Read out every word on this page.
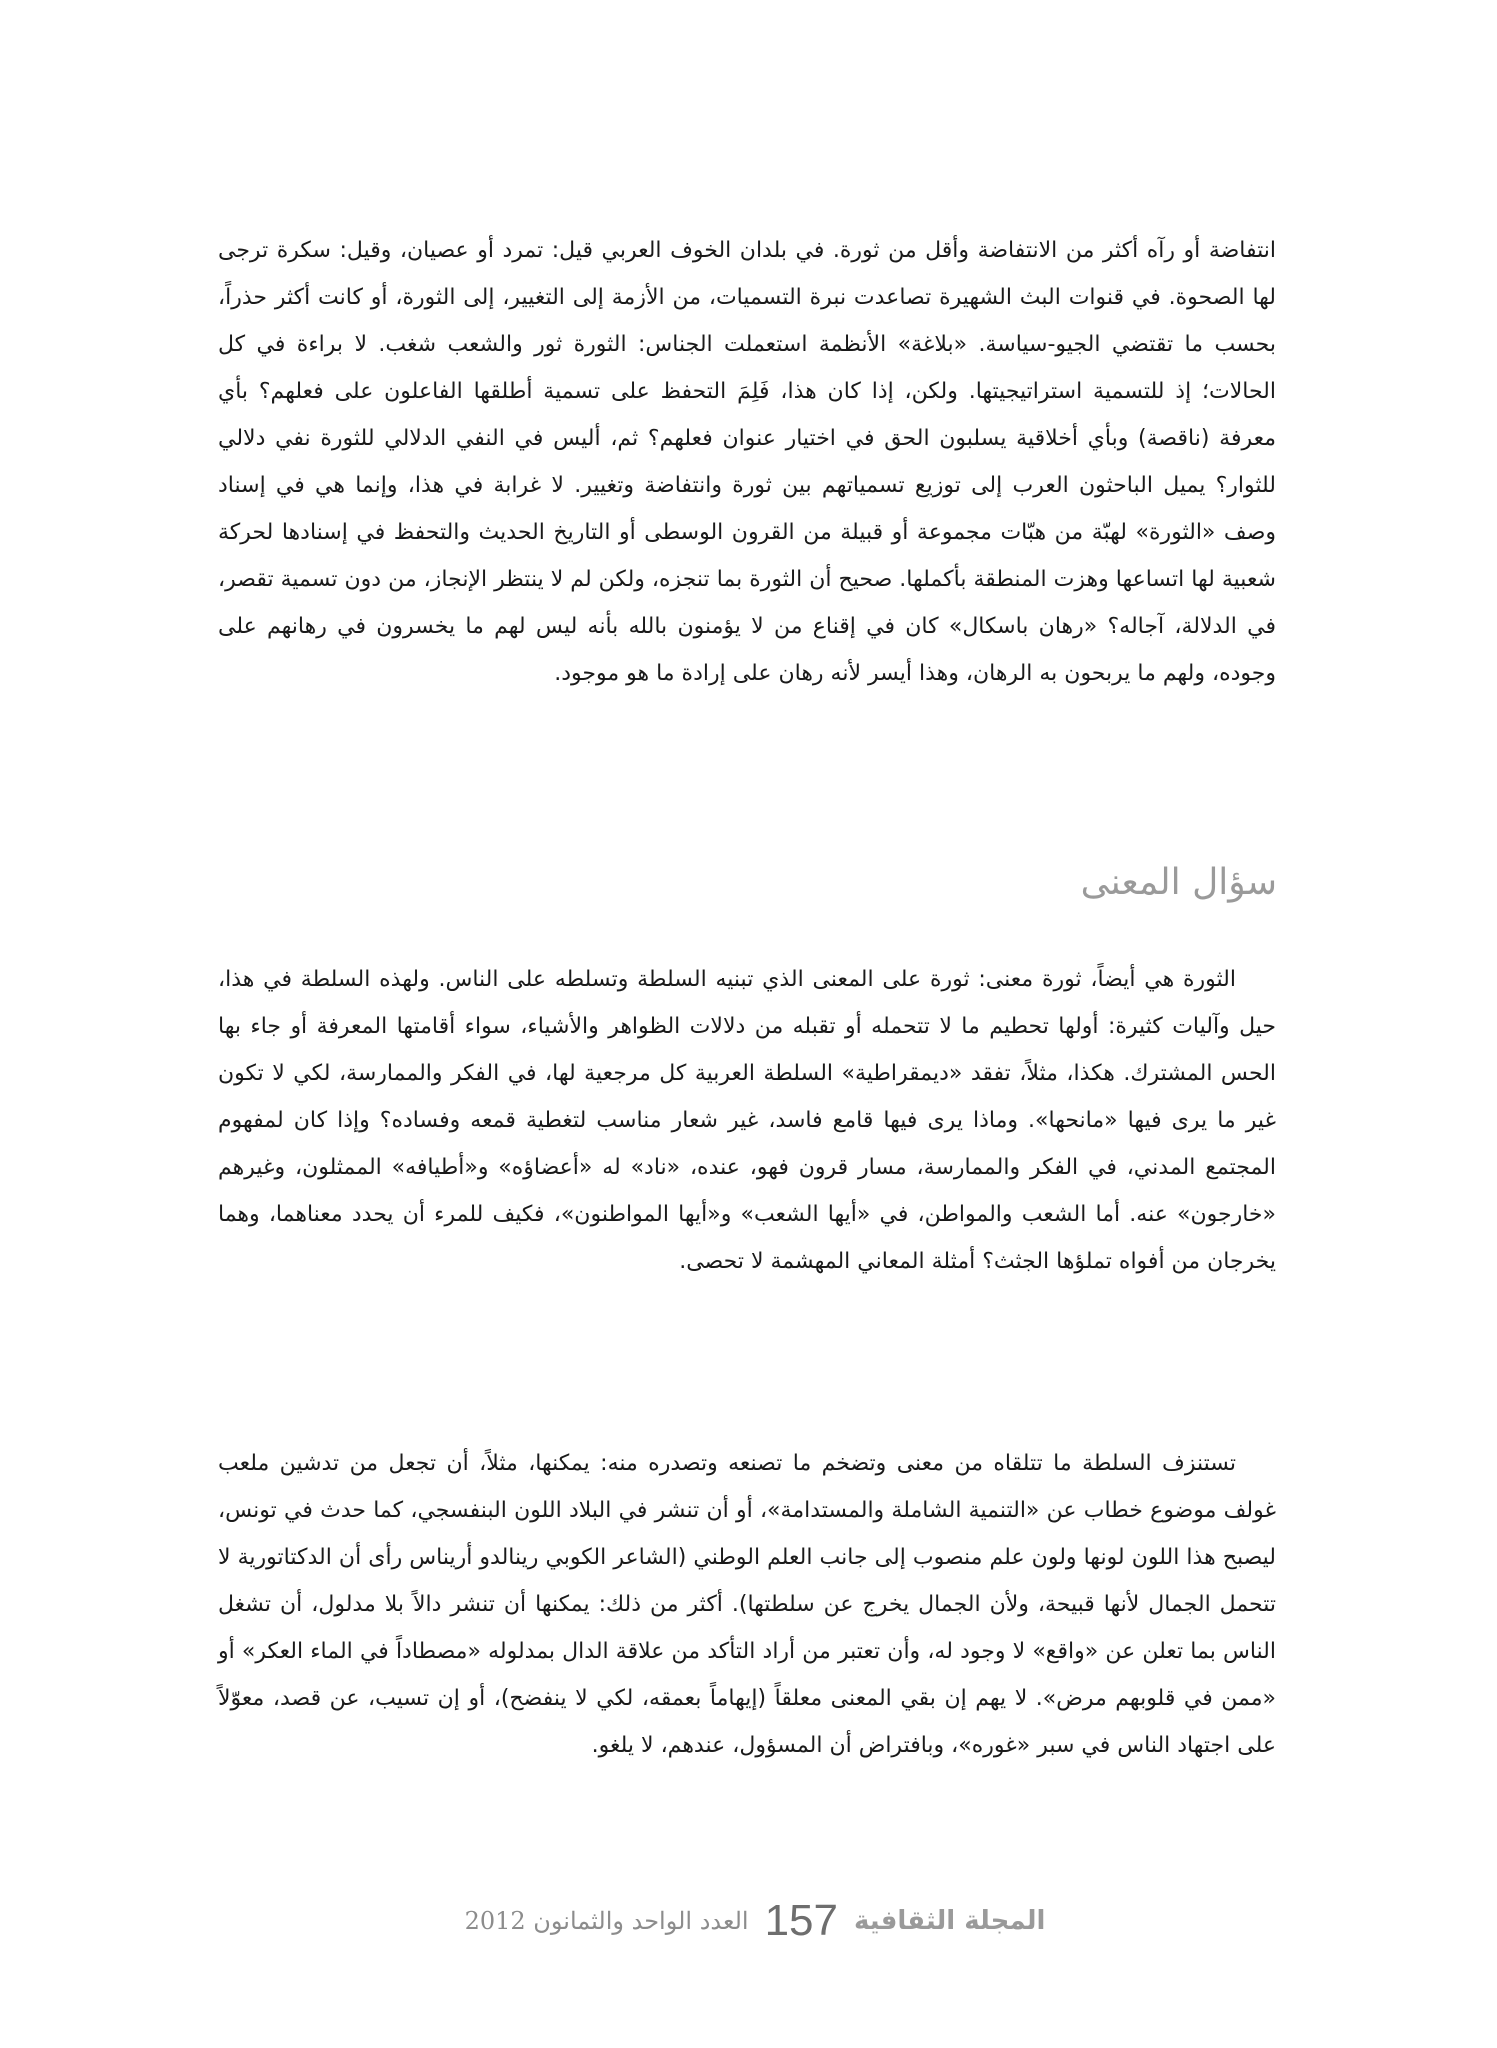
انتفاضة أو رآه أكثر من الانتفاضة وأقل من ثورة. في بلدان الخوف العربي قيل: تمرد أو عصيان، وقيل: سكرة ترجى لها الصحوة. في قنوات البث الشهيرة تصاعدت نبرة التسميات، من الأزمة إلى التغيير، إلى الثورة، أو كانت أكثر حذراً، بحسب ما تقتضي الجيو-سياسة. «بلاغة» الأنظمة استعملت الجناس: الثورة ثور والشعب شغب. لا براءة في كل الحالات؛ إذ للتسمية استراتيجيتها. ولكن، إذا كان هذا، فَلِمَ التحفظ على تسمية أطلقها الفاعلون على فعلهم؟ بأي معرفة (ناقصة) وبأي أخلاقية يسلبون الحق في اختيار عنوان فعلهم؟ ثم، أليس في النفي الدلالي للثورة نفي دلالي للثوار؟ يميل الباحثون العرب إلى توزيع تسمياتهم بين ثورة وانتفاضة وتغيير. لا غرابة في هذا، وإنما هي في إسناد وصف «الثورة» لهبّة من هبّات مجموعة أو قبيلة من القرون الوسطى أو التاريخ الحديث والتحفظ في إسنادها لحركة شعبية لها اتساعها وهزت المنطقة بأكملها. صحيح أن الثورة بما تنجزه، ولكن لم لا ينتظر الإنجاز، من دون تسمية تقصر، في الدلالة، آجاله؟ «رهان باسكال» كان في إقناع من لا يؤمنون بالله بأنه ليس لهم ما يخسرون في رهانهم على وجوده، ولهم ما يربحون به الرهان، وهذا أيسر لأنه رهان على إرادة ما هو موجود.

سؤال المعنى

الثورة هي أيضاً، ثورة معنى: ثورة على المعنى الذي تبنيه السلطة وتسلطه على الناس. ولهذه السلطة في هذا، حيل وآليات كثيرة: أولها تحطيم ما لا تتحمله أو تقبله من دلالات الظواهر والأشياء، سواء أقامتها المعرفة أو جاء بها الحس المشترك. هكذا، مثلاً، تفقد «ديمقراطية» السلطة العربية كل مرجعية لها، في الفكر والممارسة، لكي لا تكون غير ما يرى فيها «مانحها». وماذا يرى فيها قامع فاسد، غير شعار مناسب لتغطية قمعه وفساده؟ وإذا كان لمفهوم المجتمع المدني، في الفكر والممارسة، مسار قرون فهو، عنده، «ناد» له «أعضاؤه» و«أطيافه» الممثلون، وغيرهم «خارجون» عنه. أما الشعب والمواطن، في «أيها الشعب» و«أيها المواطنون»، فكيف للمرء أن يحدد معناهما، وهما يخرجان من أفواه تملؤها الجثث؟ أمثلة المعاني المهشمة لا تحصى.

تستنزف السلطة ما تتلقاه من معنى وتضخم ما تصنعه وتصدره منه: يمكنها، مثلاً، أن تجعل من تدشين ملعب غولف موضوع خطاب عن «التنمية الشاملة والمستدامة»، أو أن تنشر في البلاد اللون البنفسجي، كما حدث في تونس، ليصبح هذا اللون لونها ولون علم منصوب إلى جانب العلم الوطني (الشاعر الكوبي رينالدو أريناس رأى أن الدكتاتورية لا تتحمل الجمال لأنها قبيحة، ولأن الجمال يخرج عن سلطتها). أكثر من ذلك: يمكنها أن تنشر دالاً بلا مدلول، أن تشغل الناس بما تعلن عن «واقع» لا وجود له، وأن تعتبر من أراد التأكد من علاقة الدال بمدلوله «مصطاداً في الماء العكر» أو «ممن في قلوبهم مرض». لا يهم إن بقي المعنى معلقاً (إيهاماً بعمقه، لكي لا ينفضح)، أو إن تسيب، عن قصد، معوّلاً على اجتهاد الناس في سبر «غوره»، وبافتراض أن المسؤول، عندهم، لا يلغو.

المجلة الثقافية
157
العدد الواحد والثمانون 2012
